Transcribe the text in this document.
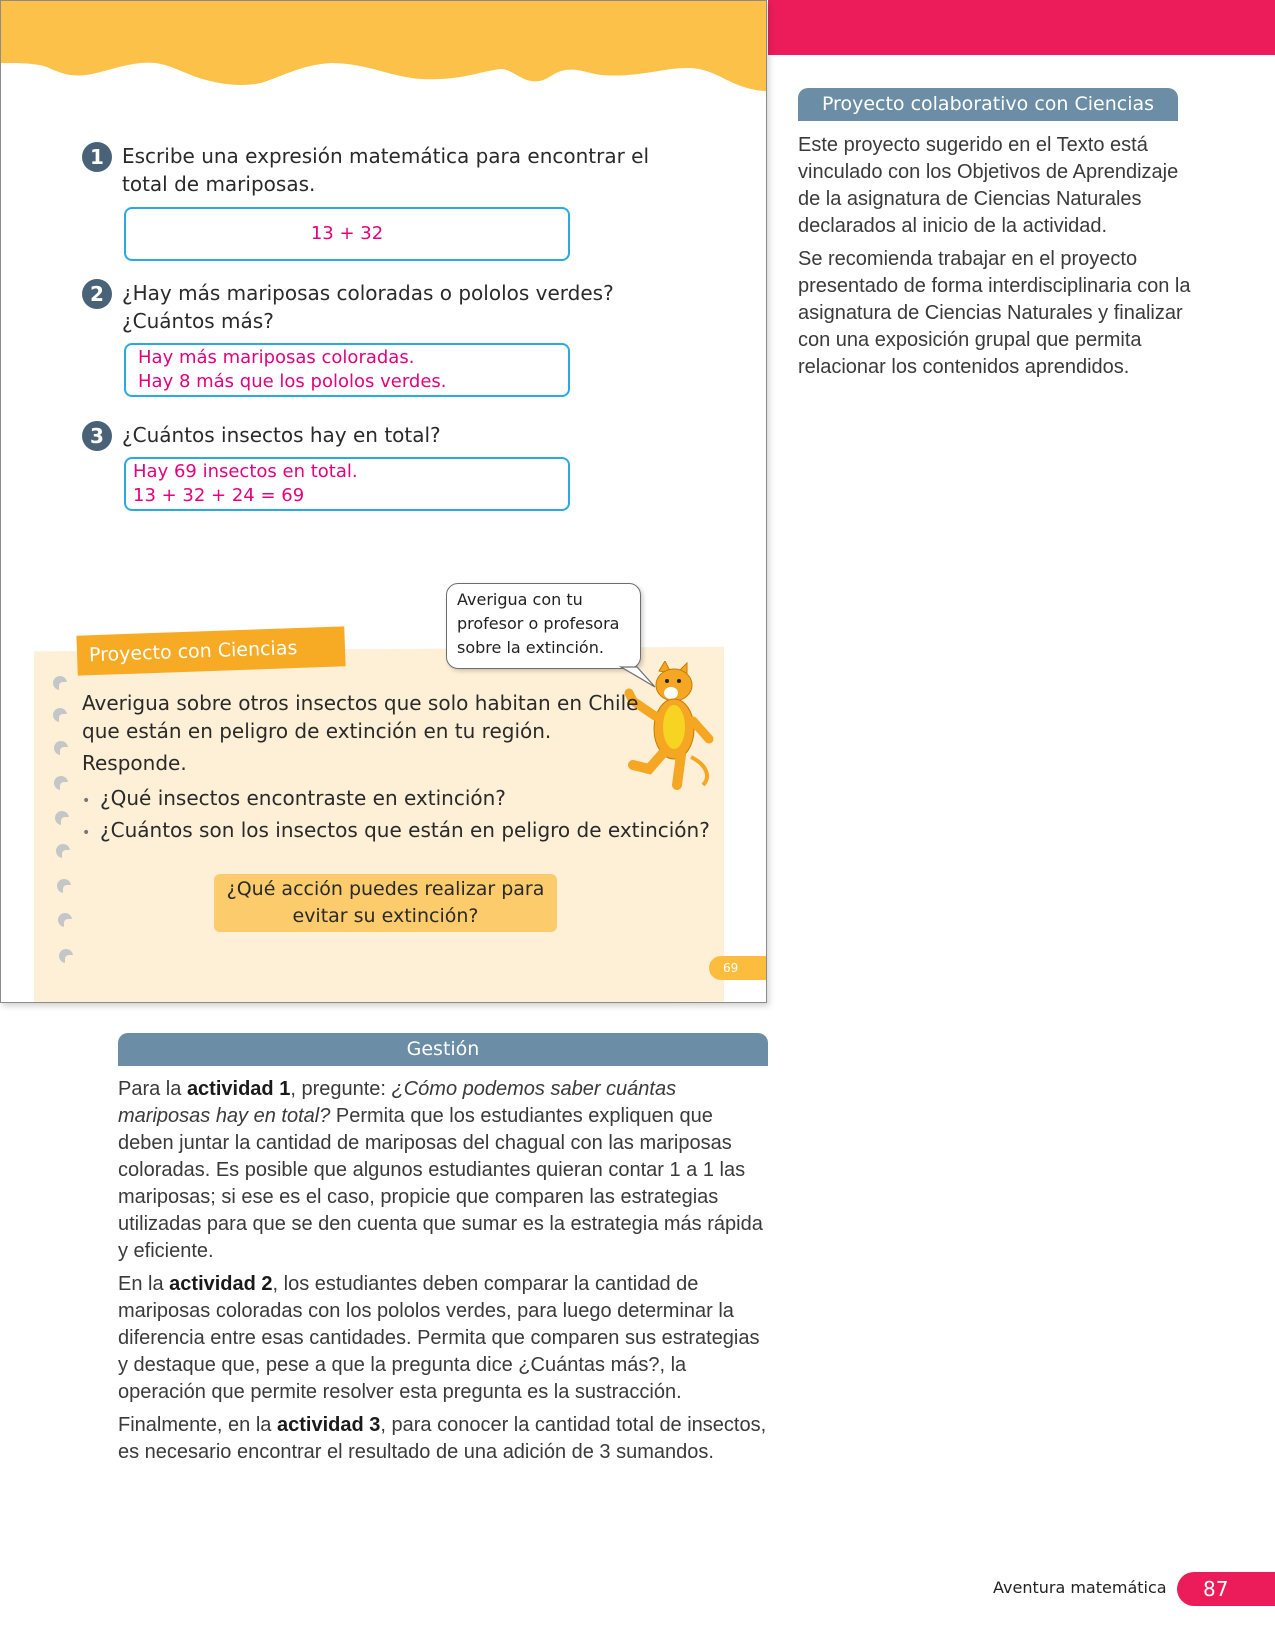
1 Escribe una expresión matemática para encontrar el total de mariposas.
13 + 32
2 ¿Hay más mariposas coloradas o pololos verdes? ¿Cuántos más?
Hay más mariposas coloradas.
Hay 8 más que los pololos verdes.
3 ¿Cuántos insectos hay en total?
Hay 69 insectos en total.
13 + 32 + 24 = 69
Proyecto con Ciencias
Averigua con tu
profesor o profesora
sobre la extinción.
Averigua sobre otros insectos que solo habitan en Chile
que están en peligro de extinción en tu región.
Responde.
• ¿Qué insectos encontraste en extinción?
• ¿Cuántos son los insectos que están en peligro de extinción?
¿Qué acción puedes realizar para
evitar su extinción?
69
Proyecto colaborativo con Ciencias

Este proyecto sugerido en el Texto está vinculado con los Objetivos de Aprendizaje de la asignatura de Ciencias Naturales declarados al inicio de la actividad.

Se recomienda trabajar en el proyecto presentado de forma interdisciplinaria con la asignatura de Ciencias Naturales y finalizar con una exposición grupal que permita relacionar los contenidos aprendidos.

Gestión

Para la actividad 1, pregunte: ¿Cómo podemos saber cuántas mariposas hay en total? Permita que los estudiantes expliquen que deben juntar la cantidad de mariposas del chagual con las mariposas coloradas. Es posible que algunos estudiantes quieran contar 1 a 1 las mariposas; si ese es el caso, propicie que comparen las estrategias utilizadas para que se den cuenta que sumar es la estrategia más rápida y eficiente.

En la actividad 2, los estudiantes deben comparar la cantidad de mariposas coloradas con los pololos verdes, para luego determinar la diferencia entre esas cantidades. Permita que comparen sus estrategias y destaque que, pese a que la pregunta dice ¿Cuántas más?, la operación que permite resolver esta pregunta es la sustracción.

Finalmente, en la actividad 3, para conocer la cantidad total de insectos, es necesario encontrar el resultado de una adición de 3 sumandos.

Aventura matemática	87
